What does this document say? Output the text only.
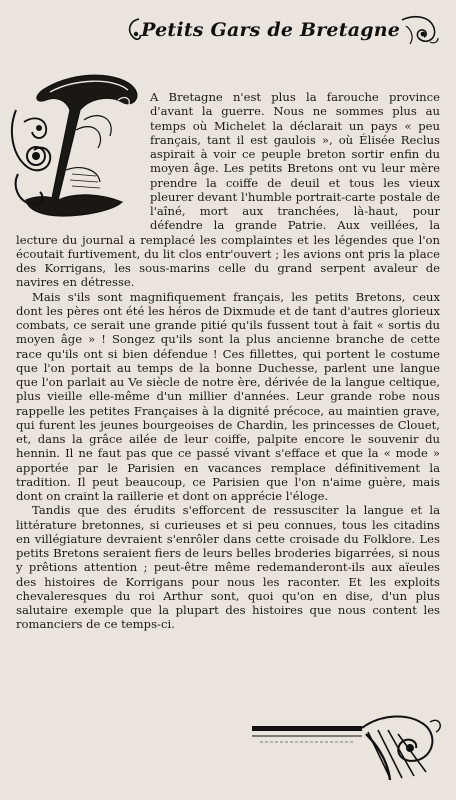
Petits Gars de Bretagne

A Bretagne n'est plus la farouche province d'avant la guerre. Nous ne sommes plus au temps où Michelet la déclarait un pays « peu français, tant il est gaulois », où Élisée Reclus aspirait à voir ce peuple breton sortir enfin du moyen âge. Les petits Bretons ont vu leur mère prendre la coiffe de deuil et tous les vieux pleurer devant l'humble portrait-carte postale de l'aîné, mort aux tranchées, là-haut, pour défendre la grande Patrie. Aux veillées, la lecture du journal a remplacé les complaintes et les légendes que l'on écoutait furtivement, du lit clos entr'ouvert ; les avions ont pris la place des Korrigans, les sous-marins celle du grand serpent avaleur de navires en détresse.

Mais s'ils sont magnifiquement français, les petits Bretons, ceux dont les pères ont été les héros de Dixmude et de tant d'autres glorieux combats, ce serait une grande pitié qu'ils fussent tout à fait « sortis du moyen âge » ! Songez qu'ils sont la plus ancienne branche de cette race qu'ils ont si bien défendue ! Ces fillettes, qui portent le costume que l'on portait au temps de la bonne Duchesse, parlent une langue que l'on parlait au Ve siècle de notre ère, dérivée de la langue celtique, plus vieille elle-même d'un millier d'années. Leur grande robe nous rappelle les petites Françaises à la dignité précoce, au maintien grave, qui furent les jeunes bourgeoises de Chardin, les princesses de Clouet, et, dans la grâce ailée de leur coiffe, palpite encore le souvenir du hennin. Il ne faut pas que ce passé vivant s'efface et que la « mode » apportée par le Parisien en vacances remplace définitivement la tradition. Il peut beaucoup, ce Parisien que l'on n'aime guère, mais dont on craint la raillerie et dont on apprécie l'éloge.

Tandis que des érudits s'efforcent de ressusciter la langue et la littérature bretonnes, si curieuses et si peu connues, tous les citadins en villégiature devraient s'enrôler dans cette croisade du Folklore. Les petits Bretons seraient fiers de leurs belles broderies bigarrées, si nous y prêtions attention ; peut-être même redemanderont-ils aux aïeules des histoires de Korrigans pour nous les raconter. Et les exploits chevaleresques du roi Arthur sont, quoi qu'on en dise, d'un plus salutaire exemple que la plupart des histoires que nous content les romanciers de ce temps-ci.
